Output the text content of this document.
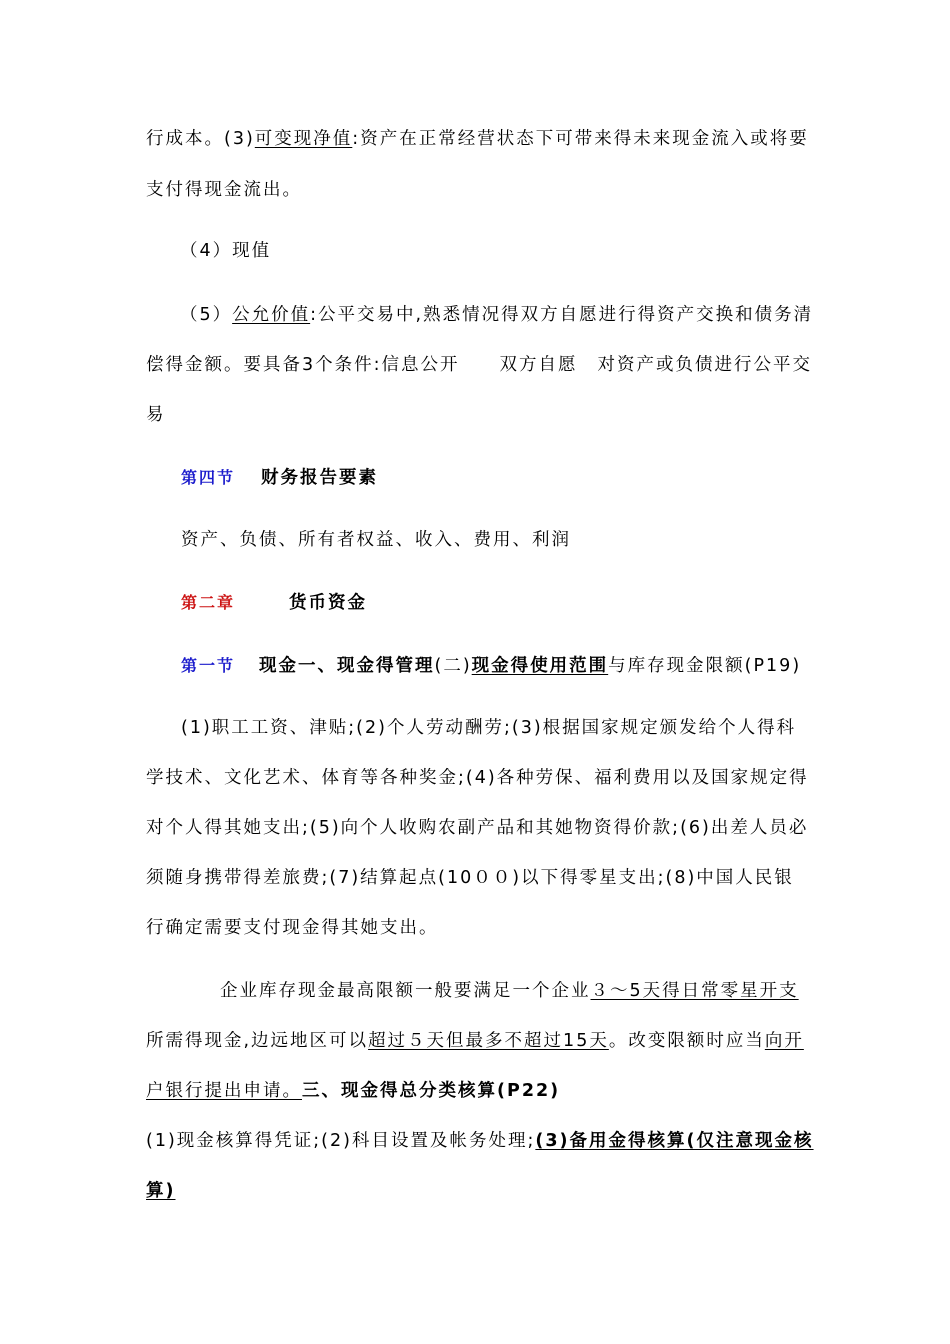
行成本。(3)可变现净值:资产在正常经营状态下可带来得未来现金流入或将要
支付得现金流出。
（4）现值
（5）公允价值:公平交易中,熟悉情况得双方自愿进行得资产交换和债务清
偿得金额。要具备3个条件:信息公开 双方自愿 对资产或负债进行公平交
易
第四节 财务报告要素
资产、负债、所有者权益、收入、费用、利润
第二章	货币资金
第一节 现金一、现金得管理(二)现金得使用范围与库存现金限额(P19)
(1)职工工资、津贴;(2)个人劳动酬劳;(3)根据国家规定颁发给个人得科
学技术、文化艺术、体育等各种奖金;(4)各种劳保、福利费用以及国家规定得
对个人得其她支出;(5)向个人收购农副产品和其她物资得价款;(6)出差人员必
须随身携带得差旅费;(7)结算起点(10００)以下得零星支出;(8)中国人民银
行确定需要支付现金得其她支出。
企业库存现金最高限额一般要满足一个企业３～5天得日常零星开支
所需得现金,边远地区可以超过５天但最多不超过15天。改变限额时应当向开
户银行提出申请。三、现金得总分类核算(P22)
(1)现金核算得凭证;(2)科目设置及帐务处理;(3)备用金得核算(仅注意现金核
算)
